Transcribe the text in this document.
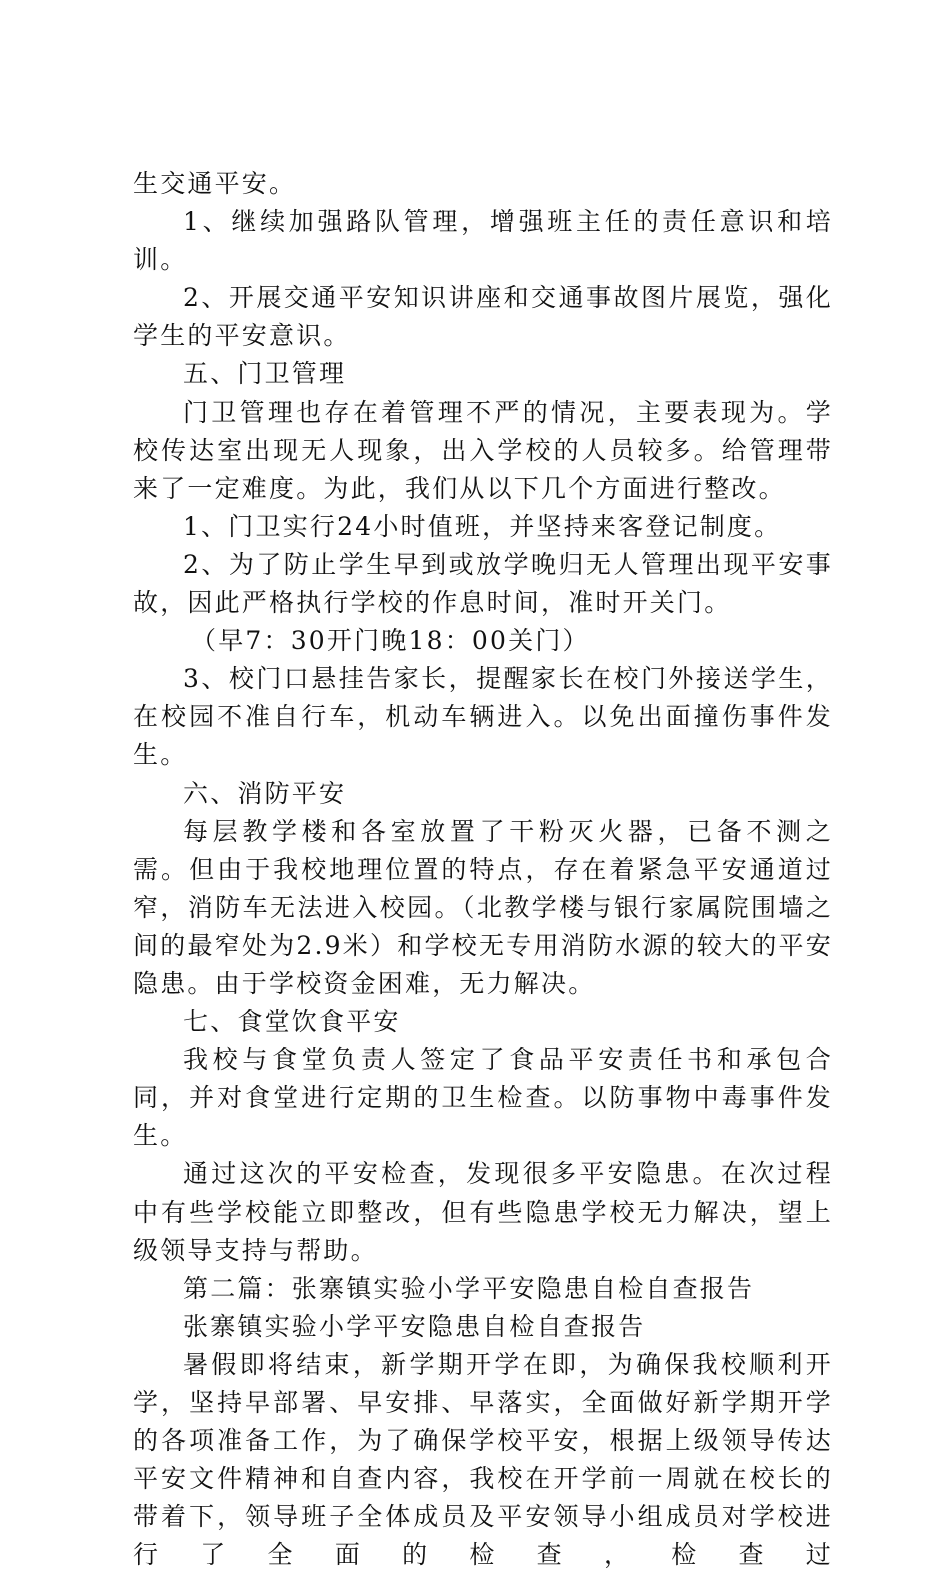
生交通平安。

1、继续加强路队管理，增强班主任的责任意识和培训。

2、开展交通平安知识讲座和交通事故图片展览，强化学生的平安意识。

五、门卫管理

门卫管理也存在着管理不严的情况，主要表现为。学校传达室出现无人现象，出入学校的人员较多。给管理带来了一定难度。为此，我们从以下几个方面进行整改。

1、门卫实行24小时值班，并坚持来客登记制度。

2、为了防止学生早到或放学晚归无人管理出现平安事故，因此严格执行学校的作息时间，准时开关门。

（早7：30开门晚18：00关门）

3、校门口悬挂告家长，提醒家长在校门外接送学生，在校园不准自行车，机动车辆进入。以免出面撞伤事件发生。

六、消防平安

每层教学楼和各室放置了干粉灭火器，已备不测之需。但由于我校地理位置的特点，存在着紧急平安通道过窄，消防车无法进入校园。（北教学楼与银行家属院围墙之间的最窄处为2.9米）和学校无专用消防水源的较大的平安隐患。由于学校资金困难，无力解决。

七、食堂饮食平安

我校与食堂负责人签定了食品平安责任书和承包合同，并对食堂进行定期的卫生检查。以防事物中毒事件发生。

通过这次的平安检查，发现很多平安隐患。在次过程中有些学校能立即整改，但有些隐患学校无力解决，望上级领导支持与帮助。

第二篇：张寨镇实验小学平安隐患自检自查报告

张寨镇实验小学平安隐患自检自查报告

暑假即将结束，新学期开学在即，为确保我校顺利开学，坚持早部署、早安排、早落实，全面做好新学期开学的各项准备工作，为了确保学校平安，根据上级领导传达平安文件精神和自查内容，我校在开学前一周就在校长的带着下，领导班子全体成员及平安领导小组成员对学校进行了全面的检查，检查过
